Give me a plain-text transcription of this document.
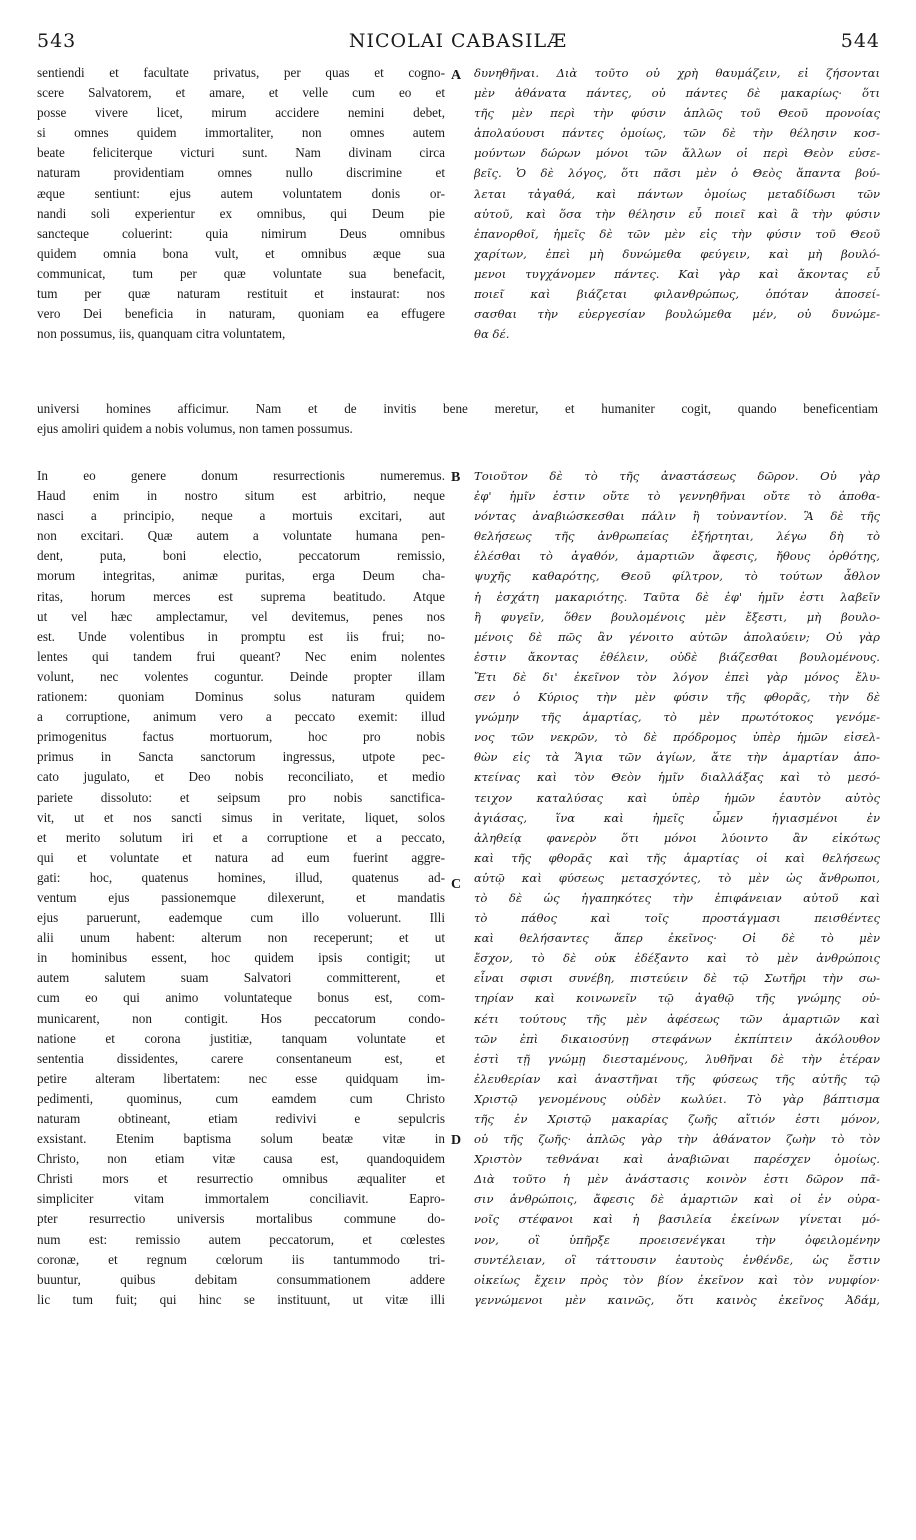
543	NICOLAI CABASILÆ	544
A
B
C
D
sentiendi et facultate privatus, per quas et cogno-
scere Salvatorem, et amare, et velle cum eo et
posse vivere licet, mirum accidere nemini debet,
si omnes quidem immortaliter, non omnes autem
beate feliciterque victuri sunt. Nam divinam circa
naturam providentiam omnes nullo discrimine et
æque sentiunt: ejus autem voluntatem donis or-
nandi soli experientur ex omnibus, qui Deum pie
sancteque coluerint: quia nimirum Deus omnibus
quidem omnia bona vult, et omnibus æque sua
communicat, tum per quæ voluntate sua benefacit,
tum per quæ naturam restituit et instaurat: nos
vero Dei beneficia in naturam, quoniam ea effugere
non possumus, iis, quanquam citra voluntatem,
δυνηθῆναι. Διὰ τοῦτο οὐ χρὴ θαυμάζειν, εἰ ζήσονται
μὲν ἀθάνατα πάντες, οὐ πάντες δὲ μακαρίως· ὅτι
τῆς μὲν περὶ τὴν φύσιν ἁπλῶς τοῦ Θεοῦ προνοίας
ἀπολαύουσι πάντες ὁμοίως, τῶν δὲ τὴν θέλησιν κοσ-
μούντων δώρων μόνοι τῶν ἄλλων οἱ περὶ Θεὸν εὐσε-
βεῖς. Ὁ δὲ λόγος, ὅτι πᾶσι μὲν ὁ Θεὸς ἅπαντα βού-
λεται τἀγαθά, καὶ πάντων ὁμοίως μεταδίδωσι τῶν
αὐτοῦ, καὶ ὅσα τὴν θέλησιν εὖ ποιεῖ καὶ ἃ τὴν φύσιν
ἐπανορθοῖ, ἡμεῖς δὲ τῶν μὲν εἰς τὴν φύσιν τοῦ Θεοῦ
χαρίτων, ἐπεὶ μὴ δυνώμεθα φεύγειν, καὶ μὴ βουλό-
μενοι τυγχάνομεν πάντες. Καὶ γὰρ καὶ ἄκοντας εὖ
ποιεῖ καὶ βιάζεται φιλανθρώπως, ὁπόταν ἀποσεί-
σασθαι τὴν εὐεργεσίαν βουλώμεθα μέν, οὐ δυνώμε-
θα δέ.
universi homines afficimur. Nam et de invitis bene meretur, et humaniter cogit, quando beneficentiam
ejus amoliri quidem a nobis volumus, non tamen possumus.
In eo genere donum resurrectionis numeremus.
Haud enim in nostro situm est arbitrio, neque
nasci a principio, neque a mortuis excitari, aut
non excitari. Quæ autem a voluntate humana pen-
dent, puta, boni electio, peccatorum remissio,
morum integritas, animæ puritas, erga Deum cha-
ritas, horum merces est suprema beatitudo. Atque
ut vel hæc amplectamur, vel devitemus, penes nos
est. Unde volentibus in promptu est iis frui; no-
lentes qui tandem frui queant? Nec enim nolentes
volunt, nec volentes coguntur. Deinde propter illam
rationem: quoniam Dominus solus naturam quidem
a corruptione, animum vero a peccato exemit: illud
primogenitus factus mortuorum, hoc pro nobis
primus in Sancta sanctorum ingressus, utpote pec-
cato jugulato, et Deo nobis reconciliato, et medio
pariete dissoluto: et seipsum pro nobis sanctifica-
vit, ut et nos sancti simus in veritate, liquet, solos
et merito solutum iri et a corruptione et a peccato,
qui et voluntate et natura ad eum fuerint aggre-
gati: hoc, quatenus homines, illud, quatenus ad-
ventum ejus passionemque dilexerunt, et mandatis
ejus paruerunt, eademque cum illo voluerunt. Illi
alii unum habent: alterum non receperunt; et ut
in hominibus essent, hoc quidem ipsis contigit; ut
autem salutem suam Salvatori committerent, et
cum eo qui animo voluntateque bonus est, com-
municarent, non contigit. Hos peccatorum condo-
natione et corona justitiæ, tanquam voluntate et
sententia dissidentes, carere consentaneum est, et
petire alteram libertatem: nec esse quidquam im-
pedimenti, quominus, cum eamdem cum Christo
naturam obtineant, etiam redivivi e sepulcris
exsistant. Etenim baptisma solum beatæ vitæ in
Christo, non etiam vitæ causa est, quandoquidem
Christi mors et resurrectio omnibus æqualiter et
simpliciter vitam immortalem conciliavit. Eapro-
pter resurrectio universis mortalibus commune do-
num est: remissio autem peccatorum, et cœlestes
coronæ, et regnum cœlorum iis tantummodo tri-
buuntur, quibus debitam consummationem addere
lic tum fuit; qui hinc se instituunt, ut vitæ illi
Τοιοῦτον δὲ τὸ τῆς ἀναστάσεως δῶρον. Οὐ γὰρ
ἐφ' ἡμῖν ἐστιν οὔτε τὸ γεννηθῆναι οὔτε τὸ ἀποθα-
νόντας ἀναβιώσκεσθαι πάλιν ἢ τοὐναντίον. Ἃ δὲ τῆς
θελήσεως τῆς ἀνθρωπείας ἐξήρτηται, λέγω δὴ τὸ
ἑλέσθαι τὸ ἀγαθόν, ἁμαρτιῶν ἄφεσις, ἤθους ὀρθότης,
ψυχῆς καθαρότης, Θεοῦ φίλτρον, τὸ τούτων ἆθλον
ἡ ἐσχάτη μακαριότης. Ταῦτα δὲ ἐφ' ἡμῖν ἐστι λαβεῖν
ἢ φυγεῖν, ὅθεν βουλομένοις μὲν ἔξεστι, μὴ βουλο-
μένοις δὲ πῶς ἂν γένοιτο αὐτῶν ἀπολαύειν; Οὐ γὰρ
ἐστιν ἄκοντας ἐθέλειν, οὐδὲ βιάζεσθαι βουλομένους.
Ἔτι δὲ δι' ἐκεῖνον τὸν λόγον ἐπεὶ γὰρ μόνος ἔλυ-
σεν ὁ Κύριος τὴν μὲν φύσιν τῆς φθορᾶς, τὴν δὲ
γνώμην τῆς ἁμαρτίας, τὸ μὲν πρωτότοκος γενόμε-
νος τῶν νεκρῶν, τὸ δὲ πρόδρομος ὑπὲρ ἡμῶν εἰσελ-
θὼν εἰς τὰ Ἅγια τῶν ἁγίων, ἅτε τὴν ἁμαρτίαν ἀπο-
κτείνας καὶ τὸν Θεὸν ἡμῖν διαλλάξας καὶ τὸ μεσό-
τειχον καταλύσας καὶ ὑπὲρ ἡμῶν ἑαυτὸν αὐτὸς
ἁγιάσας, ἵνα καὶ ἡμεῖς ὦμεν ἡγιασμένοι ἐν
ἀληθείᾳ φανερὸν ὅτι μόνοι λύοιντο ἂν εἰκότως
καὶ τῆς φθορᾶς καὶ τῆς ἁμαρτίας οἱ καὶ θελήσεως
αὐτῷ καὶ φύσεως μετασχόντες, τὸ μὲν ὡς ἄνθρωποι,
τὸ δὲ ὡς ἠγαπηκότες τὴν ἐπιφάνειαν αὐτοῦ καὶ
τὸ πάθος καὶ τοῖς προστάγμασι πεισθέντες
καὶ θελήσαντες ἅπερ ἐκεῖνος· Οἱ δὲ τὸ μὲν
ἔσχον, τὸ δὲ οὐκ ἐδέξαντο καὶ τὸ μὲν ἀνθρώποις
εἶναι σφισι συνέβη, πιστεύειν δὲ τῷ Σωτῆρι τὴν σω-
τηρίαν καὶ κοινωνεῖν τῷ ἀγαθῷ τῆς γνώμης οὐ-
κέτι τούτους τῆς μὲν ἀφέσεως τῶν ἁμαρτιῶν καὶ
τῶν ἐπὶ δικαιοσύνῃ στεφάνων ἐκπίπτειν ἀκόλουθον
ἐστὶ τῇ γνώμῃ διεσταμένους, λυθῆναι δὲ τὴν ἑτέραν
ἐλευθερίαν καὶ ἀναστῆναι τῆς φύσεως τῆς αὐτῆς τῷ
Χριστῷ γενομένους οὐδὲν κωλύει. Τὸ γὰρ βάπτισμα
τῆς ἐν Χριστῷ μακαρίας ζωῆς αἴτιόν ἐστι μόνον,
οὐ τῆς ζωῆς· ἁπλῶς γὰρ τὴν ἀθάνατον ζωὴν τὸ τὸν
Χριστὸν τεθνάναι καὶ ἀναβιῶναι παρέσχεν ὁμοίως.
Διὰ τοῦτο ἡ μὲν ἀνάστασις κοινὸν ἐστι δῶρον πᾶ-
σιν ἀνθρώποις, ἄφεσις δὲ ἁμαρτιῶν καὶ οἱ ἐν οὐρα-
νοῖς στέφανοι καὶ ἡ βασιλεία ἐκείνων γίνεται μό-
νον, οἳ ὑπῆρξε προεισενέγκαι τὴν ὀφειλομένην
συντέλειαν, οἳ τάττουσιν ἑαυτοὺς ἐνθένδε, ὡς ἔστιν
οἰκείως ἔχειν πρὸς τὸν βίον ἐκεῖνον καὶ τὸν νυμφίον·
γεννώμενοι μὲν καινῶς, ὅτι καινὸς ἐκεῖνος Ἀδάμ,
